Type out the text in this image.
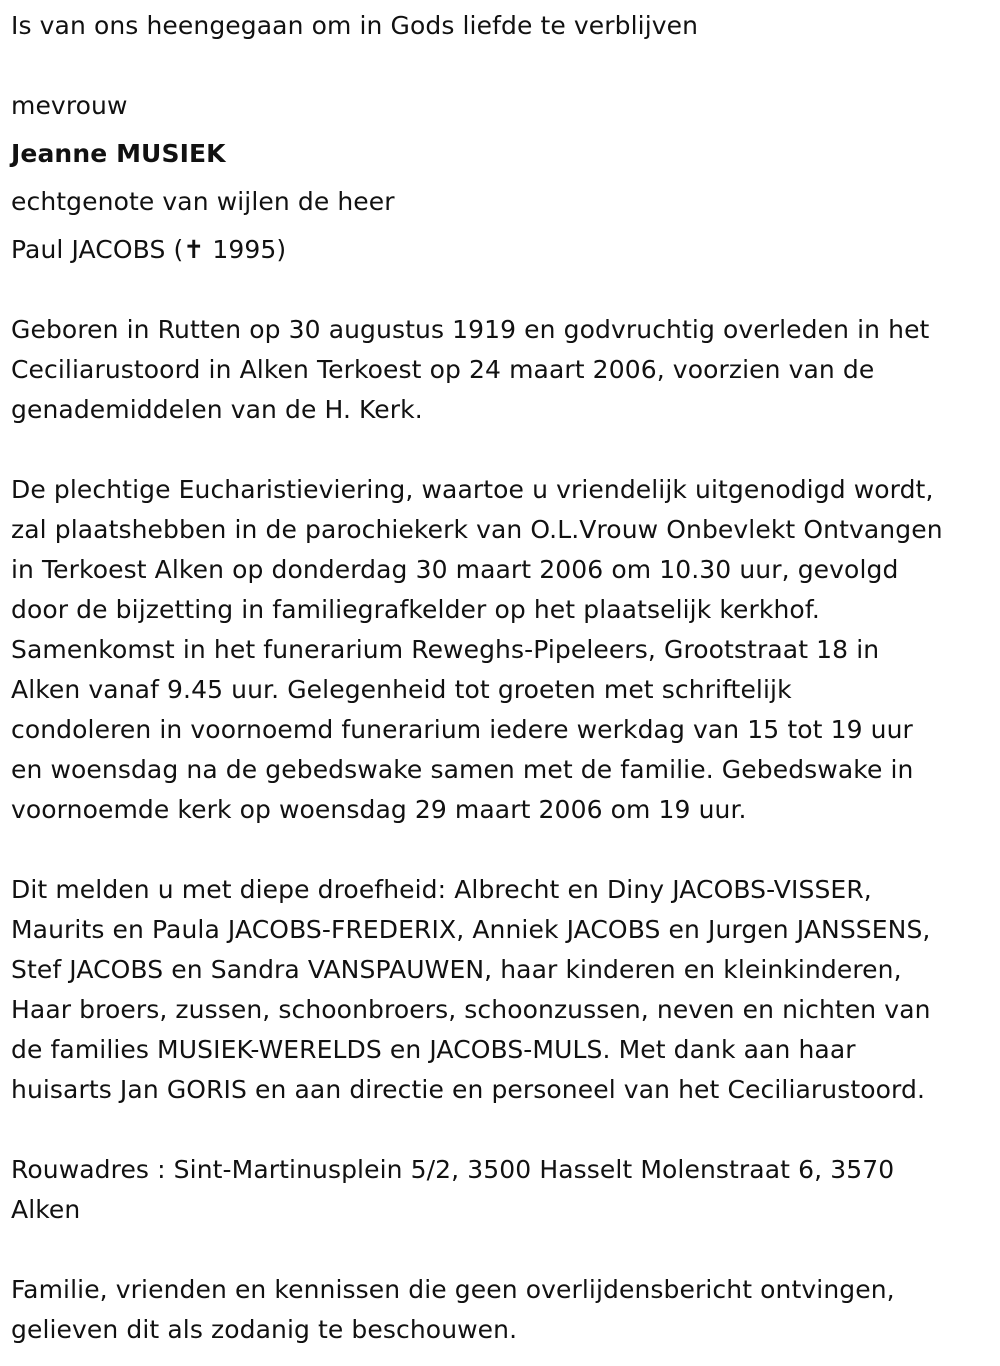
Is van ons heengegaan om in Gods liefde te verblijven
mevrouw
Jeanne MUSIEK
echtgenote van wijlen de heer
Paul JACOBS (✝ 1995)
Geboren in Rutten op 30 augustus 1919 en godvruchtig overleden in het
Ceciliarustoord in Alken Terkoest op 24 maart 2006, voorzien van de
genademiddelen van de H. Kerk.
De plechtige Eucharistieviering, waartoe u vriendelijk uitgenodigd wordt,
zal plaatshebben in de parochiekerk van O.L.Vrouw Onbevlekt Ontvangen
in Terkoest Alken op donderdag 30 maart 2006 om 10.30 uur, gevolgd
door de bijzetting in familiegrafkelder op het plaatselijk kerkhof.
Samenkomst in het funerarium Reweghs-Pipeleers, Grootstraat 18 in
Alken vanaf 9.45 uur. Gelegenheid tot groeten met schriftelijk
condoleren in voornoemd funerarium iedere werkdag van 15 tot 19 uur
en woensdag na de gebedswake samen met de familie. Gebedswake in
voornoemde kerk op woensdag 29 maart 2006 om 19 uur.
Dit melden u met diepe droefheid: Albrecht en Diny JACOBS-VISSER,
Maurits en Paula JACOBS-FREDERIX, Anniek JACOBS en Jurgen JANSSENS,
Stef JACOBS en Sandra VANSPAUWEN, haar kinderen en kleinkinderen,
Haar broers, zussen, schoonbroers, schoonzussen, neven en nichten van
de families MUSIEK-WERELDS en JACOBS-MULS. Met dank aan haar
huisarts Jan GORIS en aan directie en personeel van het Ceciliarustoord.
Rouwadres : Sint-Martinusplein 5/2, 3500 Hasselt Molenstraat 6, 3570
Alken
Familie, vrienden en kennissen die geen overlijdensbericht ontvingen,
gelieven dit als zodanig te beschouwen.
